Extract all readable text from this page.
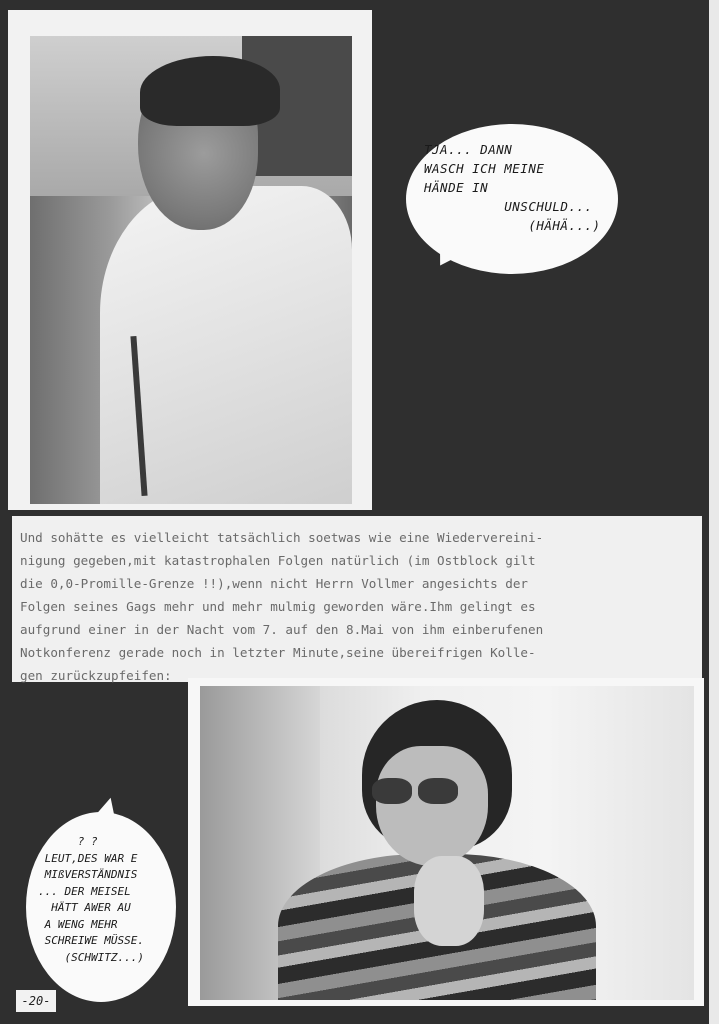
TJA... DANN
WASCH ICH MEINE
HÄNDE IN
UNSCHULD...
(HÄHÄ...)
Und sohätte es vielleicht tatsächlich soetwas wie eine Wiedervereini-
nigung gegeben,mit katastrophalen Folgen natürlich (im Ostblock gilt
die 0,0-Promille-Grenze !!),wenn nicht Herrn Vollmer angesichts der
Folgen seines Gags mehr und mehr mulmig geworden wäre.Ihm gelingt es
aufgrund einer in der Nacht vom 7. auf den 8.Mai von ihm einberufenen
Notkonferenz gerade noch in letzter Minute,seine übereifrigen Kolle-
gen zurückzupfeifen:
? ?
LEUT,DES WAR E
MIßVERSTÄNDNIS
... DER MEISEL
HÄTT AWER AU
A WENG MEHR
SCHREIWE MÜSSE.
(SCHWITZ...)
-20-
